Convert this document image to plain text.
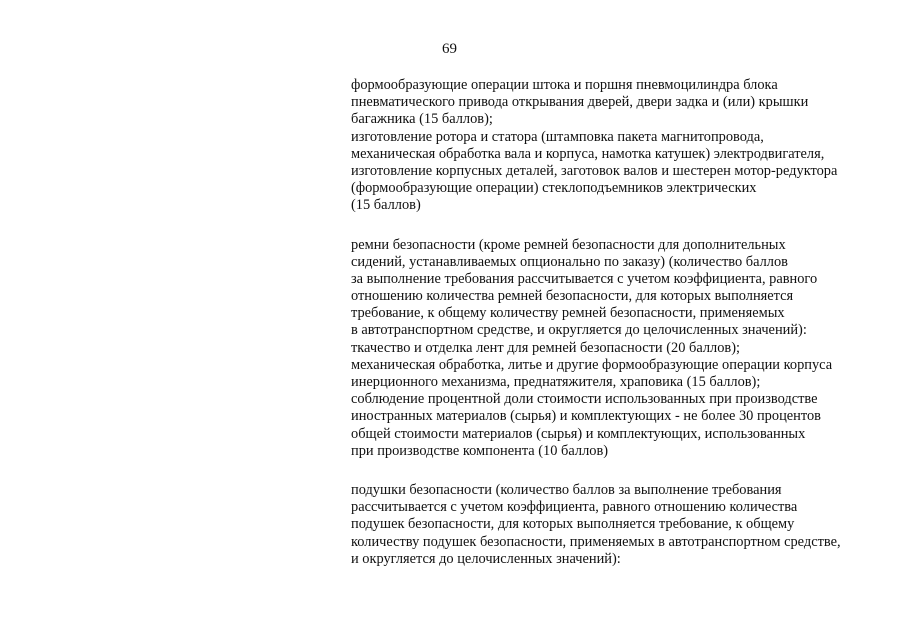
69
формообразующие операции штока и поршня пневмоцилиндра блока
пневматического привода открывания дверей, двери задка и (или) крышки
багажника (15 баллов);
изготовление ротора и статора (штамповка пакета магнитопровода,
механическая обработка вала и корпуса, намотка катушек) электродвигателя,
изготовление корпусных деталей, заготовок валов и шестерен мотор-редуктора
(формообразующие операции) стеклоподъемников электрических
(15 баллов)
ремни безопасности (кроме ремней безопасности для дополнительных
сидений, устанавливаемых опционально по заказу) (количество баллов
за выполнение требования рассчитывается с учетом коэффициента, равного
отношению количества ремней безопасности, для которых выполняется
требование, к общему количеству ремней безопасности, применяемых
в автотранспортном средстве, и округляется до целочисленных значений):
ткачество и отделка лент для ремней безопасности (20 баллов);
механическая обработка, литье и другие формообразующие операции корпуса
инерционного механизма, преднатяжителя, храповика (15 баллов);
соблюдение процентной доли стоимости использованных при производстве
иностранных материалов (сырья) и комплектующих - не более 30 процентов
общей стоимости материалов (сырья) и комплектующих, использованных
при производстве компонента (10 баллов)
подушки безопасности (количество баллов за выполнение требования
рассчитывается с учетом коэффициента, равного отношению количества
подушек безопасности, для которых выполняется требование, к общему
количеству подушек безопасности, применяемых в автотранспортном средстве,
и округляется до целочисленных значений):
